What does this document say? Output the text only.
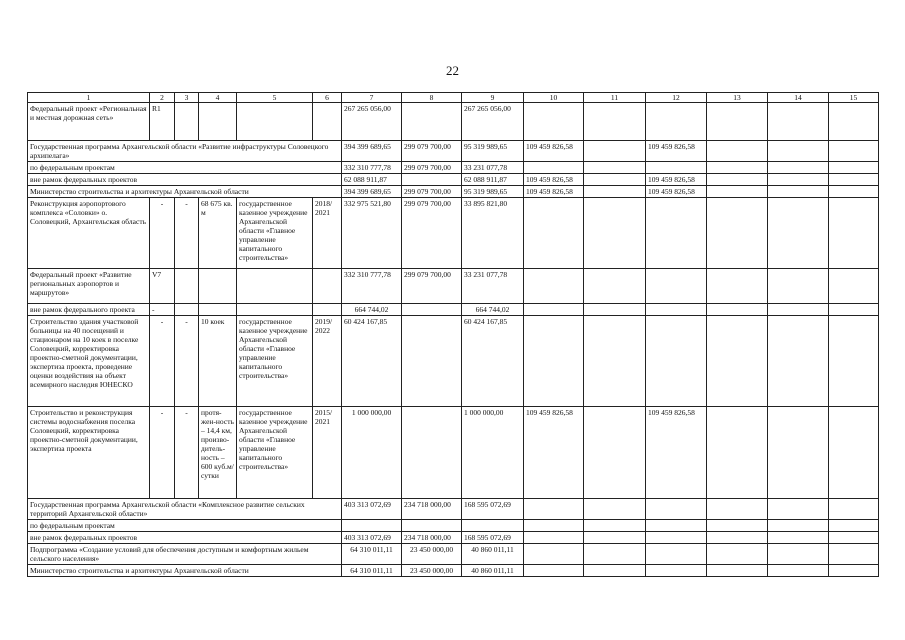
22
1	2	3	4	5	6	7	8	9	10	11	12	13	14	15
Федеральный проект «Региональная и местная дорожная сеть»	R1					267 265 056,00		267 265 056,00						
Государственная программа Архангельской области «Развитие инфраструктуры Соловецкого архипелага»						394 399 689,65	299 079 700,00	95 319 989,65	109 459 826,58		109 459 826,58			
по федеральным проектам						332 310 777,78	299 079 700,00	33 231 077,78						
вне рамок федеральных проектов						62 088 911,87		62 088 911,87	109 459 826,58		109 459 826,58			
Министерство строительства и архитектуры Архангельской области						394 399 689,65	299 079 700,00	95 319 989,65	109 459 826,58		109 459 826,58			
Реконструкция аэропортового комплекса «Соловки» о. Соловецкий, Архангельская область	-	-	68 675 кв. м	государственное казенное учреждение Архангельской области «Главное управление капитального строительства»	2018/ 2021	332 975 521,80	299 079 700,00	33 895 821,80						
Федеральный проект «Развитие региональных аэропортов и маршрутов»	V7					332 310 777,78	299 079 700,00	33 231 077,78						
вне рамок федерального проекта	-					664 744,02		664 744,02						
Строительство здания участковой больницы на 40 посещений и стационаром на 10 коек в поселке Соловецкий, корректировка проектно-сметной документации, экспертиза проекта, проведение оценки воздействия на объект всемирного наследия ЮНЕСКО	-	-	10 коек	государственное казенное учреждение Архангельской области «Главное управление капитального строительства»	2019/ 2022	60 424 167,85		60 424 167,85						
Строительство и реконструкция системы водоснабжения поселка Соловецкий, корректировка проектно-сметной документации, экспертиза проекта	-	-	протя-жен-ность – 14,4 км, произво-дитель-ность – 600 куб.м/ сутки	государственное казенное учреждение Архангельской области «Главное управление капитального строительства»	2015/ 2021	1 000 000,00		1 000 000,00	109 459 826,58		109 459 826,58			
Государственная программа Архангельской области «Комплексное развитие сельских территорий Архангельской области»						403 313 072,69	234 718 000,00	168 595 072,69						
по федеральным проектам														
вне рамок федеральных проектов						403 313 072,69	234 718 000,00	168 595 072,69						
Подпрограмма «Создание условий для обеспечения доступным и комфортным жильем сельского населения»						64 310 011,11	23 450 000,00	40 860 011,11						
Министерство строительства и архитектуры Архангельской области						64 310 011,11	23 450 000,00	40 860 011,11						
